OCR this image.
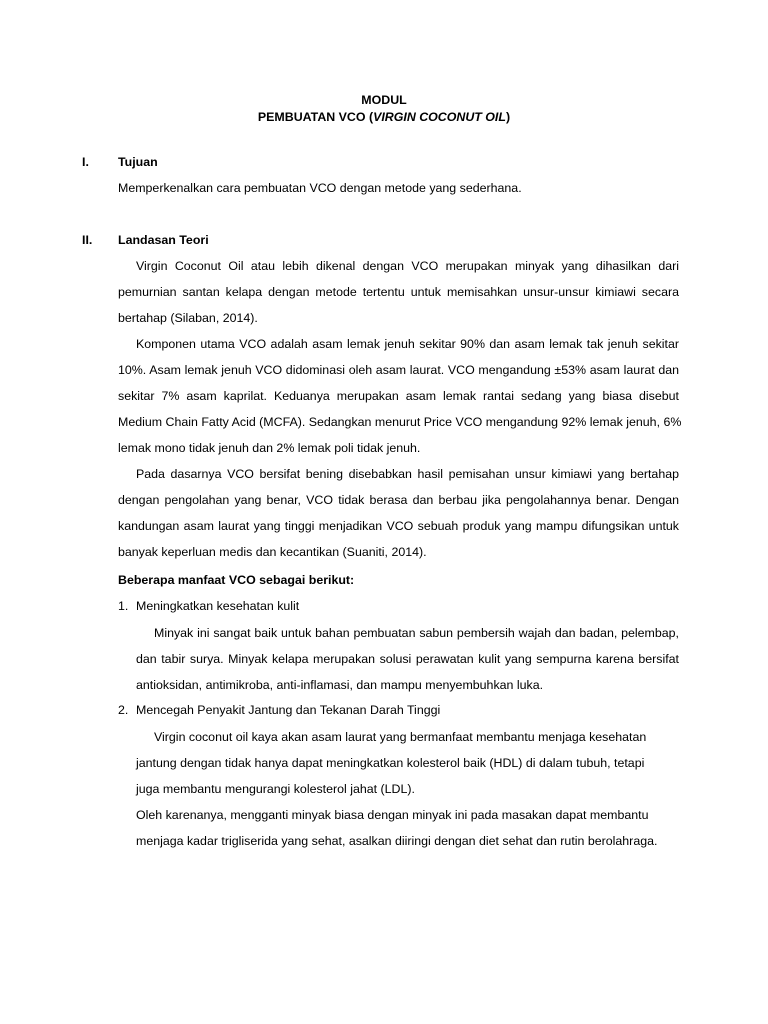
MODUL
PEMBUATAN VCO (VIRGIN COCONUT OIL)
I. Tujuan
Memperkenalkan cara pembuatan VCO dengan metode yang sederhana.
II. Landasan Teori
Virgin Coconut Oil atau lebih dikenal dengan VCO merupakan minyak yang dihasilkan dari
pemurnian santan kelapa dengan metode tertentu untuk memisahkan unsur-unsur kimiawi secara
bertahap (Silaban, 2014).
Komponen utama VCO adalah asam lemak jenuh sekitar 90% dan asam lemak tak jenuh sekitar
10%. Asam lemak jenuh VCO didominasi oleh asam laurat. VCO mengandung ±53% asam laurat dan
sekitar 7% asam kaprilat. Keduanya merupakan asam lemak rantai sedang yang biasa disebut
Medium Chain Fatty Acid (MCFA). Sedangkan menurut Price VCO mengandung 92% lemak jenuh, 6%
lemak mono tidak jenuh dan 2% lemak poli tidak jenuh.
Pada dasarnya VCO bersifat bening disebabkan hasil pemisahan unsur kimiawi yang bertahap
dengan pengolahan yang benar, VCO tidak berasa dan berbau jika pengolahannya benar. Dengan
kandungan asam laurat yang tinggi menjadikan VCO sebuah produk yang mampu difungsikan untuk
banyak keperluan medis dan kecantikan (Suaniti, 2014).
Beberapa manfaat VCO sebagai berikut:
1. Meningkatkan kesehatan kulit
Minyak ini sangat baik untuk bahan pembuatan sabun pembersih wajah dan badan, pelembap,
dan tabir surya. Minyak kelapa merupakan solusi perawatan kulit yang sempurna karena bersifat
antioksidan, antimikroba, anti-inflamasi, dan mampu menyembuhkan luka.
2. Mencegah Penyakit Jantung dan Tekanan Darah Tinggi
Virgin coconut oil kaya akan asam laurat yang bermanfaat membantu menjaga kesehatan
jantung dengan tidak hanya dapat meningkatkan kolesterol baik (HDL) di dalam tubuh, tetapi
juga membantu mengurangi kolesterol jahat (LDL).
Oleh karenanya, mengganti minyak biasa dengan minyak ini pada masakan dapat membantu
menjaga kadar trigliserida yang sehat, asalkan diiringi dengan diet sehat dan rutin berolahraga.
